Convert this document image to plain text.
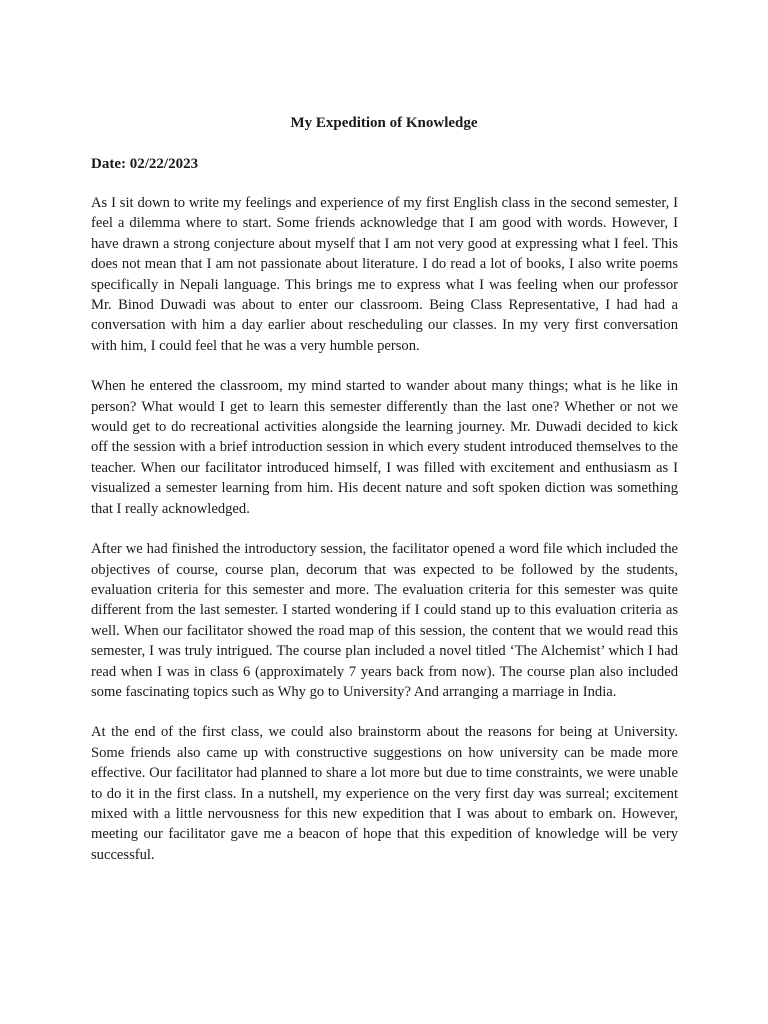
My Expedition of Knowledge
Date: 02/22/2023

As I sit down to write my feelings and experience of my first English class in the second semester, I feel a dilemma where to start. Some friends acknowledge that I am good with words. However, I have drawn a strong conjecture about myself that I am not very good at expressing what I feel. This does not mean that I am not passionate about literature. I do read a lot of books, I also write poems specifically in Nepali language. This brings me to express what I was feeling when our professor Mr. Binod Duwadi was about to enter our classroom. Being Class Representative, I had had a conversation with him a day earlier about rescheduling our classes. In my very first conversation with him, I could feel that he was a very humble person.

When he entered the classroom, my mind started to wander about many things; what is he like in person? What would I get to learn this semester differently than the last one? Whether or not we would get to do recreational activities alongside the learning journey. Mr. Duwadi decided to kick off the session with a brief introduction session in which every student introduced themselves to the teacher. When our facilitator introduced himself, I was filled with excitement and enthusiasm as I visualized a semester learning from him. His decent nature and soft spoken diction was something that I really acknowledged.

After we had finished the introductory session, the facilitator opened a word file which included the objectives of course, course plan, decorum that was expected to be followed by the students, evaluation criteria for this semester and more. The evaluation criteria for this semester was quite different from the last semester. I started wondering if I could stand up to this evaluation criteria as well. When our facilitator showed the road map of this session, the content that we would read this semester, I was truly intrigued. The course plan included a novel titled ‘The Alchemist’ which I had read when I was in class 6 (approximately 7 years back from now). The course plan also included some fascinating topics such as Why go to University? And arranging a marriage in India.

At the end of the first class, we could also brainstorm about the reasons for being at University. Some friends also came up with constructive suggestions on how university can be made more effective. Our facilitator had planned to share a lot more but due to time constraints, we were unable to do it in the first class. In a nutshell, my experience on the very first day was surreal; excitement mixed with a little nervousness for this new expedition that I was about to embark on. However, meeting our facilitator gave me a beacon of hope that this expedition of knowledge will be very successful.
